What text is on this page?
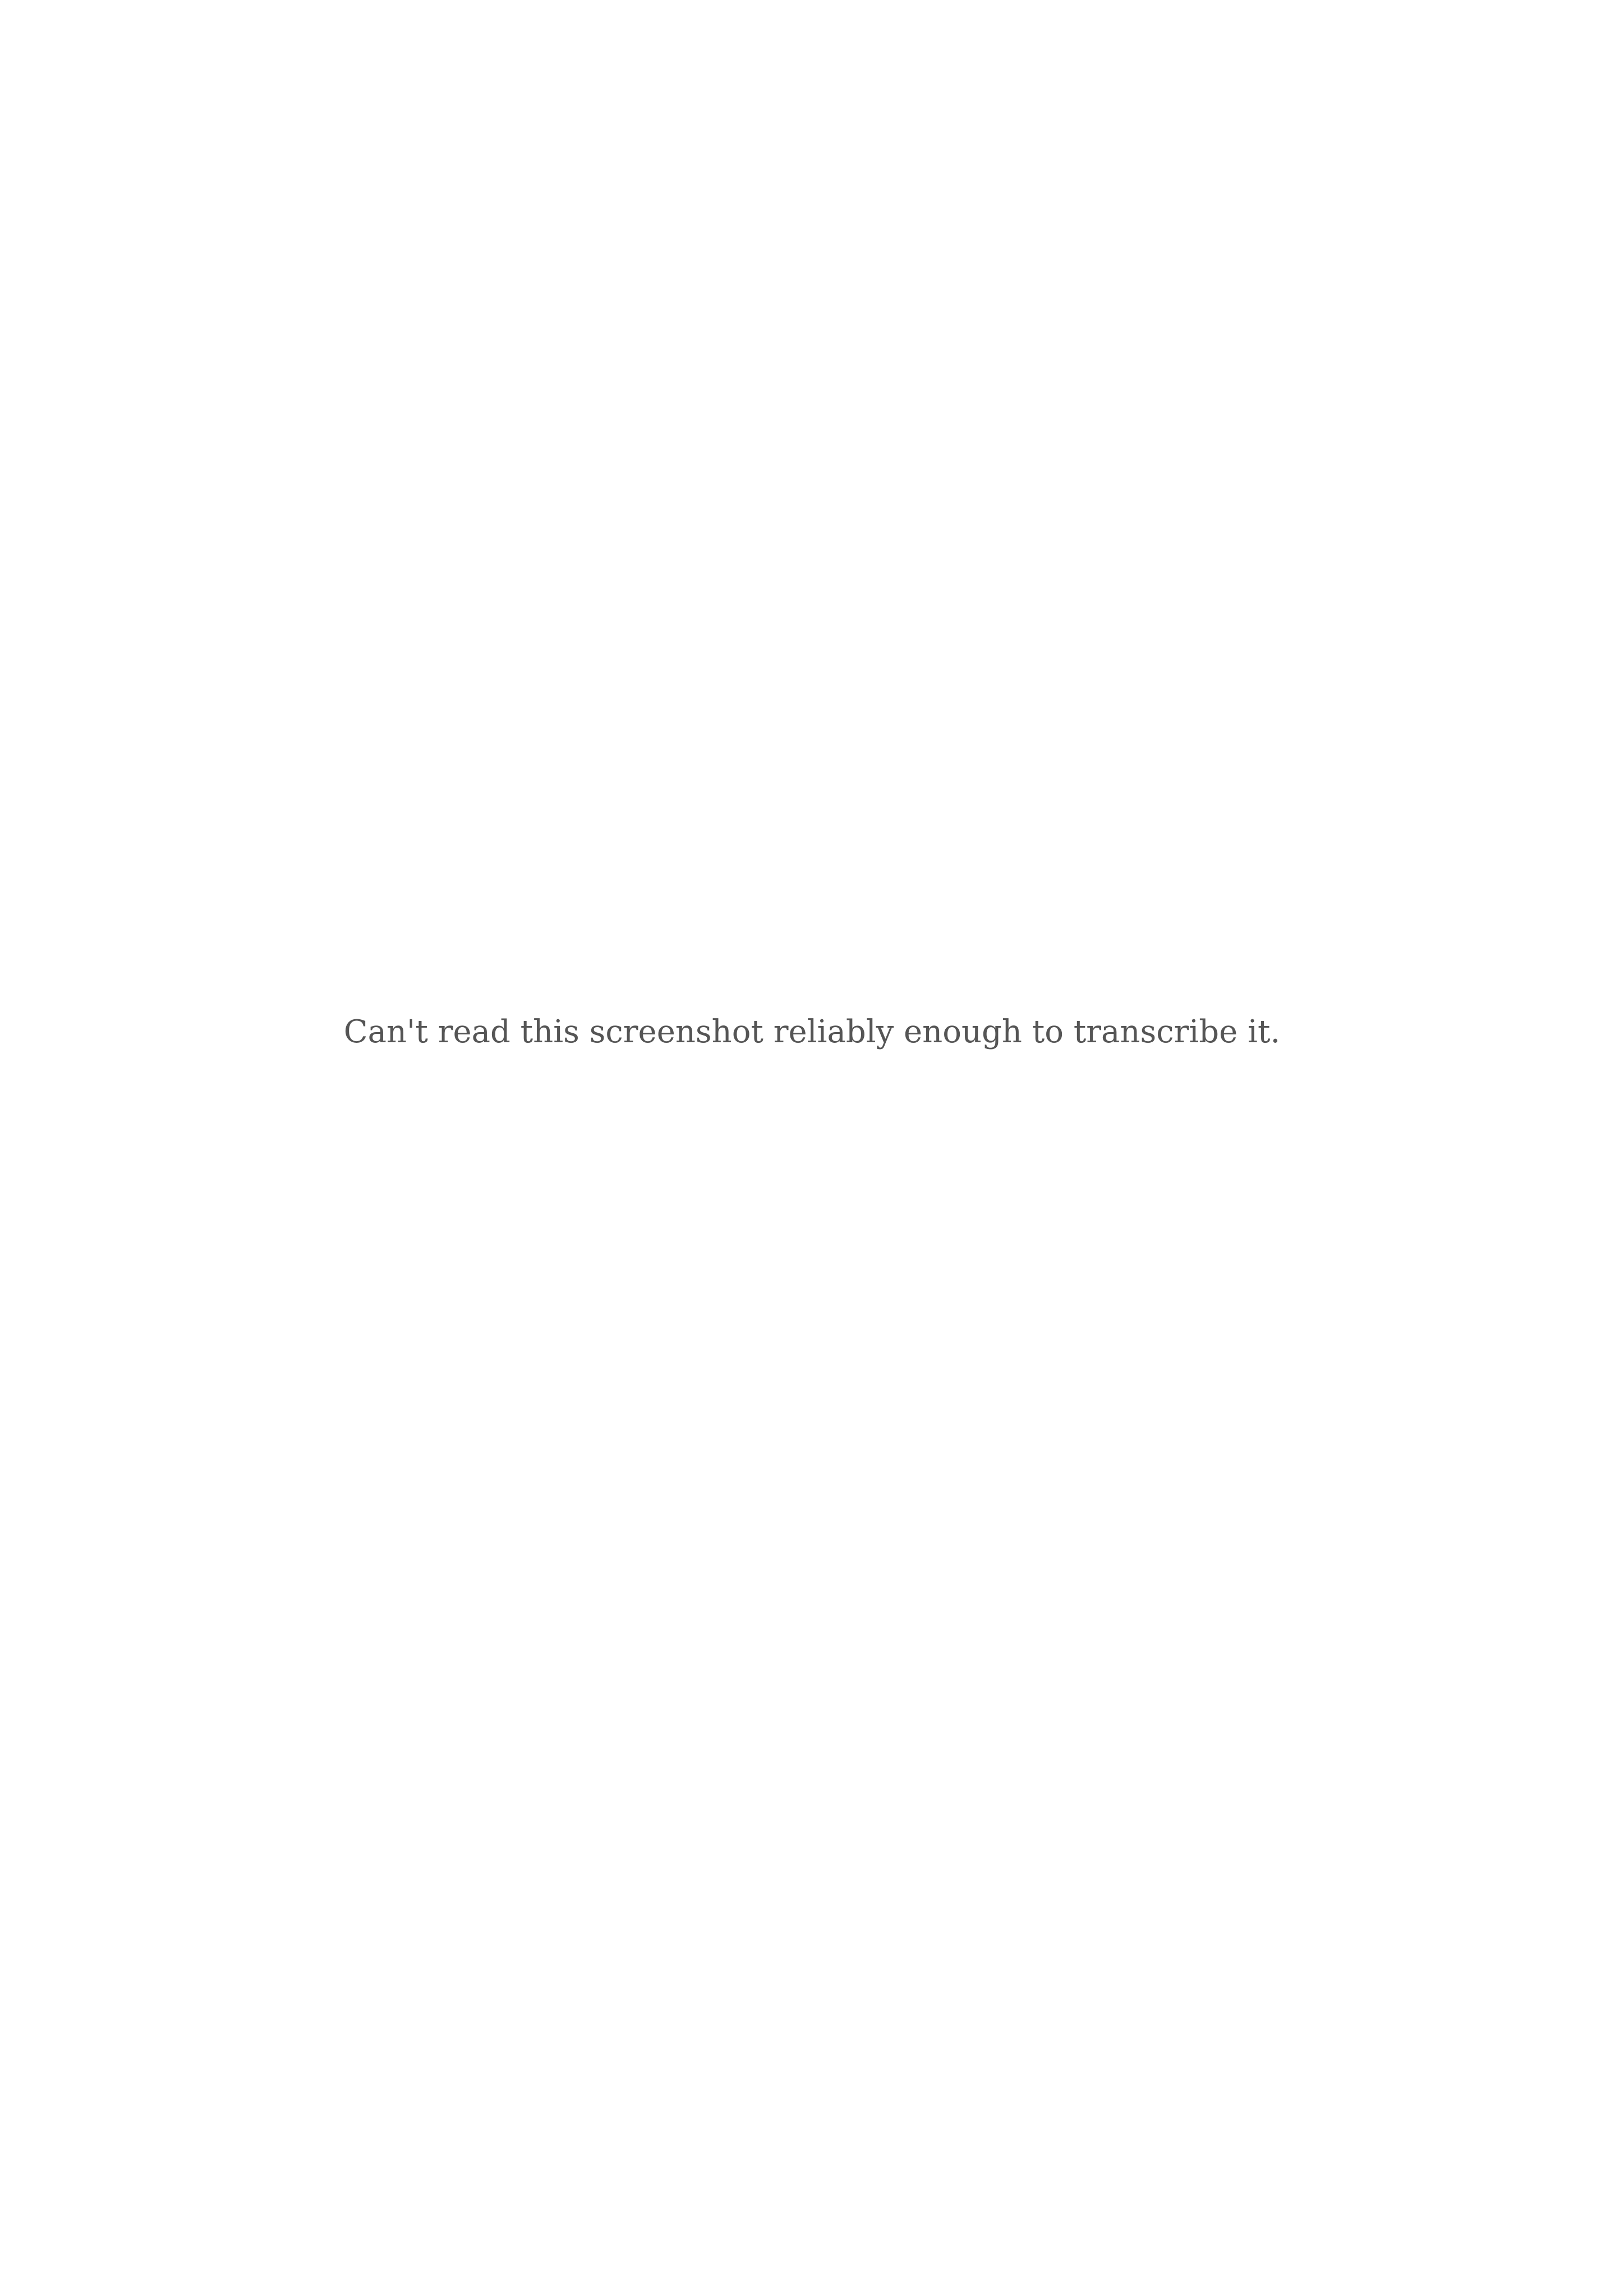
Can't read this screenshot reliably enough to transcribe it.
